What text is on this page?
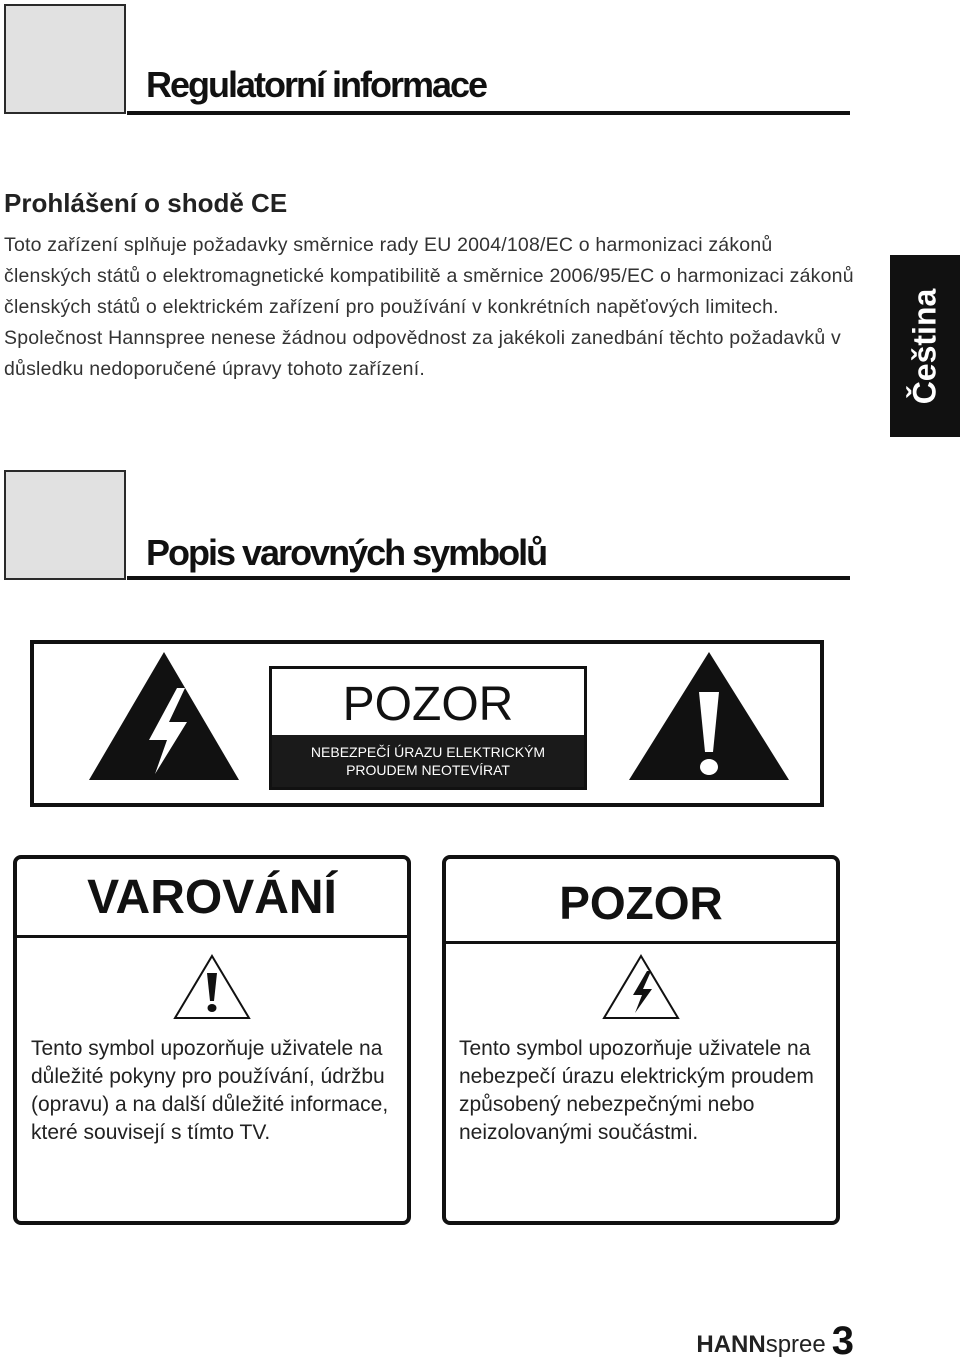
Regulatorní informace
Prohlášení o shodě CE

Toto zařízení splňuje požadavky směrnice rady EU 2004/108/EC o harmonizaci zákonů členských států o elektromagnetické kompatibilitě a směrnice 2006/95/EC o harmonizaci zákonů členských států o elektrickém zařízení pro používání v konkrétních napěťových limitech. Společnost Hannspree nenese žádnou odpovědnost za jakékoli zanedbání těchto požadavků v důsledku nedoporučené úpravy tohoto zařízení.	Čeština
Popis varovných symbolů
POZOR
NEBEZPEČÍ ÚRAZU ELEKTRICKÝM
PROUDEM NEOTEVÍRAT
VAROVÁNÍ

Tento symbol upozorňuje uživatele na důležité pokyny pro používání, údržbu (opravu) a na další důležité informace, které souvisejí s tímto TV.

POZOR

Tento symbol upozorňuje uživatele na nebezpečí úrazu elektrickým proudem způsobený nebezpečnými nebo neizolovanými součástmi.

HANNspree 3
